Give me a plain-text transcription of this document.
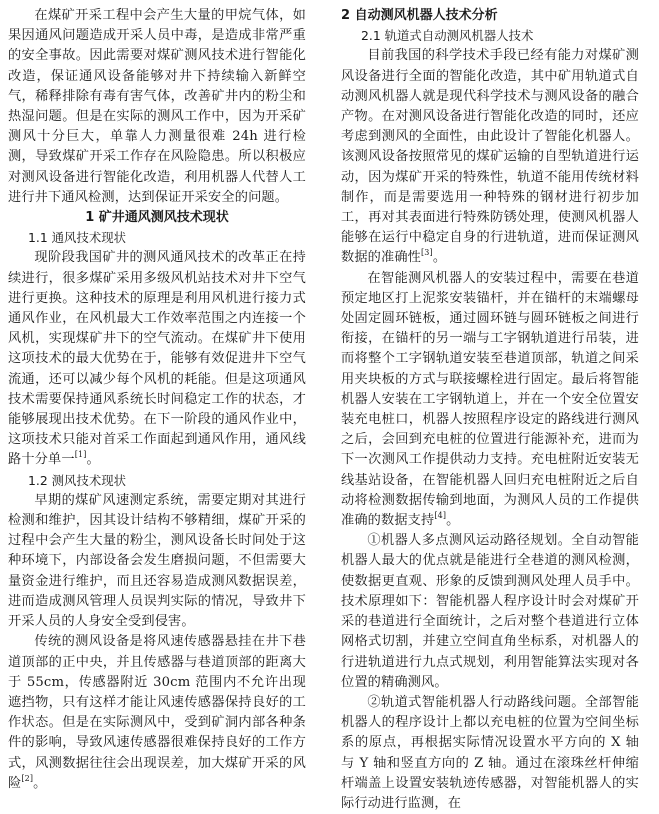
在煤矿开采工程中会产生大量的甲烷气体，如果因通风问题造成开采人员中毒，是造成非常严重的安全事故。因此需要对煤矿测风技术进行智能化改造，保证通风设备能够对井下持续输入新鲜空气，稀释排除有毒有害气体，改善矿井内的粉尘和热湿问题。但是在实际的测风工作中，因为开采矿测风十分巨大，单靠人力测量很难 24h 进行检测，导致煤矿开采工作存在风险隐患。所以积极应对测风设备进行智能化改造，利用机器人代替人工进行井下通风检测，达到保证开采安全的问题。

1 矿井通风测风技术现状
1.1 通风技术现状

现阶段我国矿井的测风通风技术的改革正在持续进行，很多煤矿采用多级风机站技术对井下空气进行更换。这种技术的原理是利用风机进行接力式通风作业，在风机最大工作效率范围之内连接一个风机，实现煤矿井下的空气流动。在煤矿井下使用这项技术的最大优势在于，能够有效促进井下空气流通，还可以减少每个风机的耗能。但是这项通风技术需要保持通风系统长时间稳定工作的状态，才能够展现出技术优势。在下一阶段的通风作业中，这项技术只能对首采工作面起到通风作用，通风线路十分单一[1]。

1.2 测风技术现状

早期的煤矿风速测定系统，需要定期对其进行检测和维护，因其设计结构不够精细，煤矿开采的过程中会产生大量的粉尘，测风设备长时间处于这种环境下，内部设备会发生磨损问题，不但需要大量资金进行维护，而且还容易造成测风数据误差，进而造成测风管理人员误判实际的情况，导致井下开采人员的人身安全受到侵害。

传统的测风设备是将风速传感器悬挂在井下巷道顶部的正中央，并且传感器与巷道顶部的距离大于 55cm，传感器附近 30cm 范围内不允许出现遮挡物，只有这样才能让风速传感器保持良好的工作状态。但是在实际测风中，受到矿洞内部各种条件的影响，导致风速传感器很难保持良好的工作方式，风测数据往往会出现误差，加大煤矿开采的风险[2]。

2 自动测风机器人技术分析
2.1 轨道式自动测风机器人技术

目前我国的科学技术手段已经有能力对煤矿测风设备进行全面的智能化改造，其中矿用轨道式自动测风机器人就是现代科学技术与测风设备的融合产物。在对测风设备进行智能化改造的同时，还应考虑到测风的全面性，由此设计了智能化机器人。该测风设备按照常见的煤矿运输的自型轨道进行运动，因为煤矿开采的特殊性，轨道不能用传统材料制作，而是需要选用一种特殊的钢材进行初步加工，再对其表面进行特殊防锈处理，使测风机器人能够在运行中稳定自身的行进轨道，进而保证测风数据的准确性[3]。

在智能测风机器人的安装过程中，需要在巷道预定地区打上泥浆安装锚杆，并在锚杆的末端螺母处固定圆环链板，通过圆环链与圆环链板之间进行衔接，在锚杆的另一端与工字钢轨道进行吊装，进而将整个工字钢轨道安装至巷道顶部，轨道之间采用夹块板的方式与联接螺栓进行固定。最后将智能机器人安装在工字钢轨道上，并在一个安全位置安装充电桩口，机器人按照程序设定的路线进行测风之后，会回到充电桩的位置进行能源补充，进而为下一次测风工作提供动力支持。充电桩附近安装无线基站设备，在智能机器人回归充电桩附近之后自动将检测数据传输到地面，为测风人员的工作提供准确的数据支持[4]。

①机器人多点测风运动路径规划。全自动智能机器人最大的优点就是能进行全巷道的测风检测，使数据更直观、形象的反馈到测风处理人员手中。技术原理如下：智能机器人程序设计时会对煤矿开采的巷道进行全面统计，之后对整个巷道进行立体网格式切割，并建立空间直角坐标系，对机器人的行进轨道进行九点式规划，利用智能算法实现对各位置的精确测风。

②轨道式智能机器人行动路线问题。全部智能机器人的程序设计上都以充电桩的位置为空间坐标系的原点，再根据实际情况设置水平方向的 X 轴与 Y 轴和竖直方向的 Z 轴。通过在滚珠丝杆伸缩杆端盖上设置安装轨迹传感器，对智能机器人的实际行动进行监测，在
